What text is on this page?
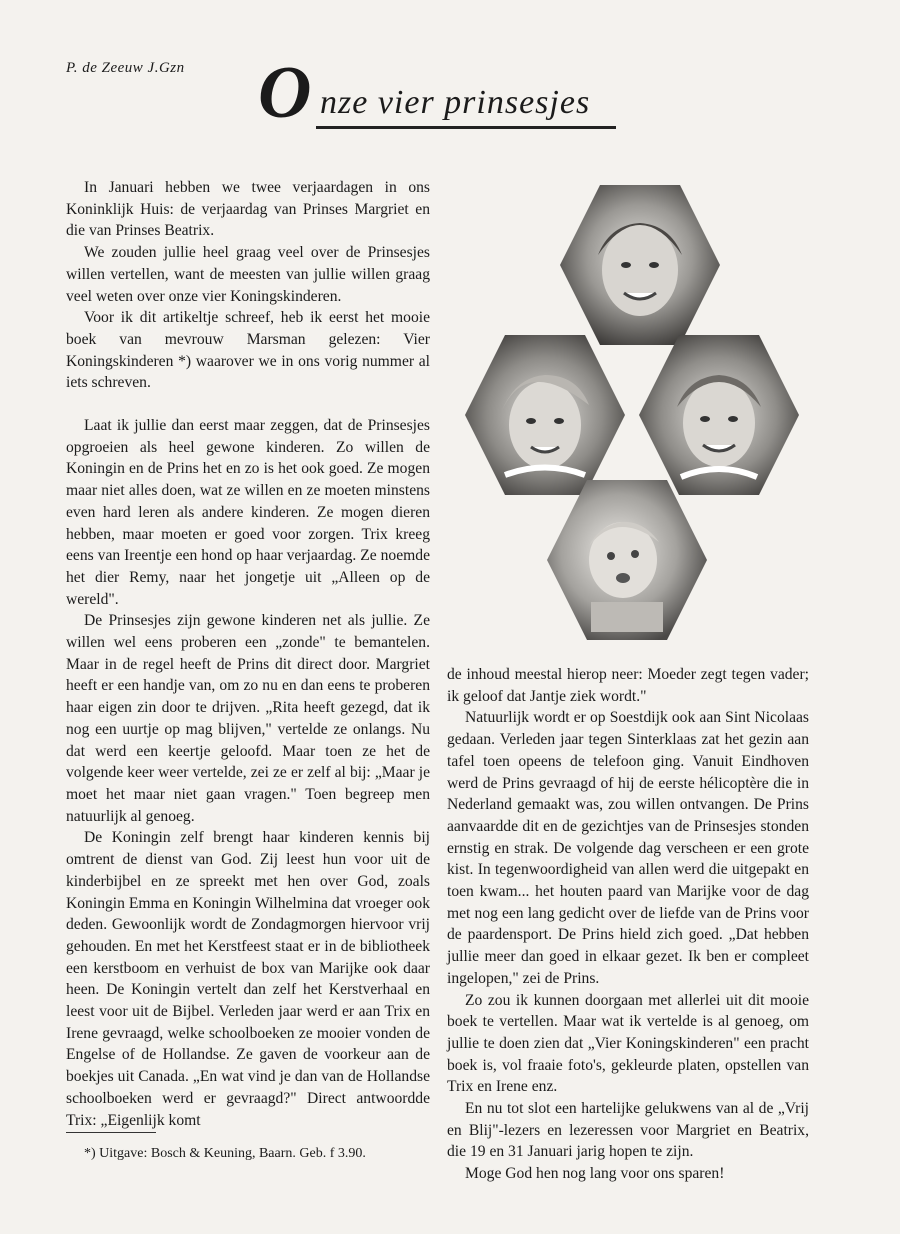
P. de Zeeuw J.Gzn O nze vier prinsesjes

In Januari hebben we twee verjaardagen in ons Koninklijk Huis: de verjaardag van Prinses Margriet en die van Prinses Beatrix.

We zouden jullie heel graag veel over de Prinsesjes willen vertellen, want de meesten van jullie willen graag veel weten over onze vier Koningskinderen.

Voor ik dit artikeltje schreef, heb ik eerst het mooie boek van mevrouw Marsman gelezen: Vier Koningskinderen *) waarover we in ons vorig nummer al iets schreven.

Laat ik jullie dan eerst maar zeggen, dat de Prinsesjes opgroeien als heel gewone kinderen. Zo willen de Koningin en de Prins het en zo is het ook goed. Ze mogen maar niet alles doen, wat ze willen en ze moeten minstens even hard leren als andere kinderen. Ze mogen dieren hebben, maar moeten er goed voor zorgen. Trix kreeg eens van Ireentje een hond op haar verjaardag. Ze noemde het dier Remy, naar het jongetje uit „Alleen op de wereld".

De Prinsesjes zijn gewone kinderen net als jullie. Ze willen wel eens proberen een „zonde" te bemantelen. Maar in de regel heeft de Prins dit direct door. Margriet heeft er een handje van, om zo nu en dan eens te proberen haar eigen zin door te drijven. „Rita heeft gezegd, dat ik nog een uurtje op mag blijven," vertelde ze onlangs. Nu dat werd een keertje geloofd. Maar toen ze het de volgende keer weer vertelde, zei ze er zelf al bij: „Maar je moet het maar niet gaan vragen." Toen begreep men natuurlijk al genoeg.

De Koningin zelf brengt haar kinderen kennis bij omtrent de dienst van God. Zij leest hun voor uit de kinderbijbel en ze spreekt met hen over God, zoals Koningin Emma en Koningin Wilhelmina dat vroeger ook deden. Gewoonlijk wordt de Zondagmorgen hiervoor vrij gehouden. En met het Kerstfeest staat er in de bibliotheek een kerstboom en verhuist de box van Marijke ook daar heen. De Koningin vertelt dan zelf het Kerstverhaal en leest voor uit de Bijbel. Verleden jaar werd er aan Trix en Irene gevraagd, welke schoolboeken ze mooier vonden de Engelse of de Hollandse. Ze gaven de voorkeur aan de boekjes uit Canada. „En wat vind je dan van de Hollandse schoolboeken werd er gevraagd?" Direct antwoordde Trix: „Eigenlijk komt

de inhoud meestal hierop neer: Moeder zegt tegen vader; ik geloof dat Jantje ziek wordt."

Natuurlijk wordt er op Soestdijk ook aan Sint Nicolaas gedaan. Verleden jaar tegen Sinterklaas zat het gezin aan tafel toen opeens de telefoon ging. Vanuit Eindhoven werd de Prins gevraagd of hij de eerste hélicoptère die in Nederland gemaakt was, zou willen ontvangen. De Prins aanvaardde dit en de gezichtjes van de Prinsesjes stonden ernstig en strak. De volgende dag verscheen er een grote kist. In tegenwoordigheid van allen werd die uitgepakt en toen kwam... het houten paard van Marijke voor de dag met nog een lang gedicht over de liefde van de Prins voor de paardensport. De Prins hield zich goed. „Dat hebben jullie meer dan goed in elkaar gezet. Ik ben er compleet ingelopen," zei de Prins.

Zo zou ik kunnen doorgaan met allerlei uit dit mooie boek te vertellen. Maar wat ik vertelde is al genoeg, om jullie te doen zien dat „Vier Koningskinderen" een pracht boek is, vol fraaie foto's, gekleurde platen, opstellen van Trix en Irene enz.

En nu tot slot een hartelijke gelukwens van al de „Vrij en Blij"-lezers en lezeressen voor Margriet en Beatrix, die 19 en 31 Januari jarig hopen te zijn.

Moge God hen nog lang voor ons sparen!

*) Uitgave: Bosch & Keuning, Baarn. Geb. f 3.90.
